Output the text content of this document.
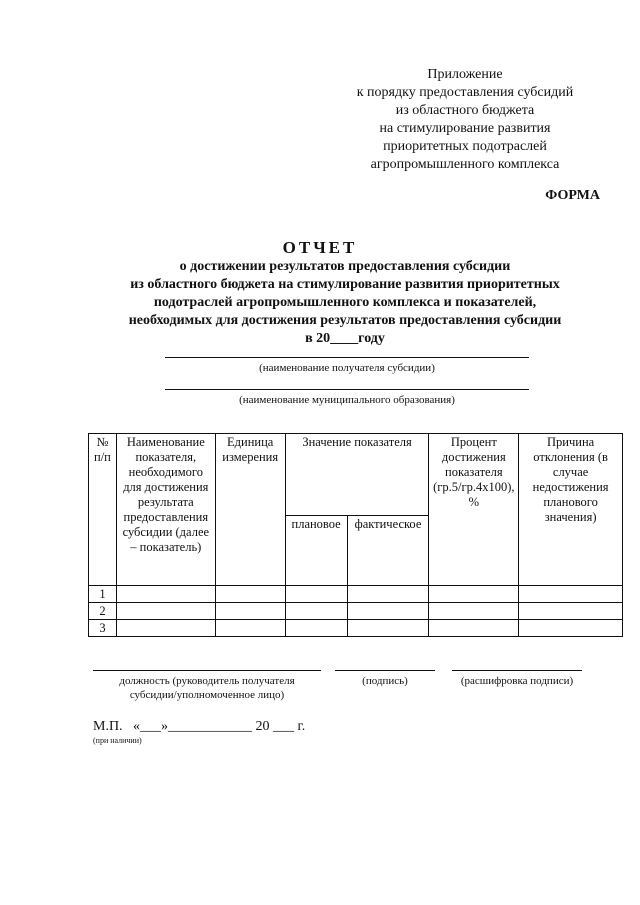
Приложение
к порядку предоставления субсидий
из областного бюджета
на стимулирование развития
приоритетных подотраслей
агропромышленного комплекса
ФОРМА
ОТЧЕТ
о достижении результатов предоставления субсидии
из областного бюджета на стимулирование развития приоритетных
подотраслей агропромышленного комплекса и показателей,
необходимых для достижения результатов предоставления субсидии
в 20____году
(наименование получателя субсидии)
(наименование муниципального образования)
№ п/п	Наименование показателя, необходимого для достижения результата предоставления субсидии (далее – показатель)	Единица измерения	Значение показателя		Процент достижения показателя (гр.5/гр.4х100), %	Причина отклонения (в случае недостижения планового значения)
			плановое	фактическое		
1						
2						
3						
должность (руководитель получателя
субсидии/уполномоченное лицо)
(подпись)	(расшифровка подписи)
М.П.   «___»____________ 20 ___ г.
(при наличии)
